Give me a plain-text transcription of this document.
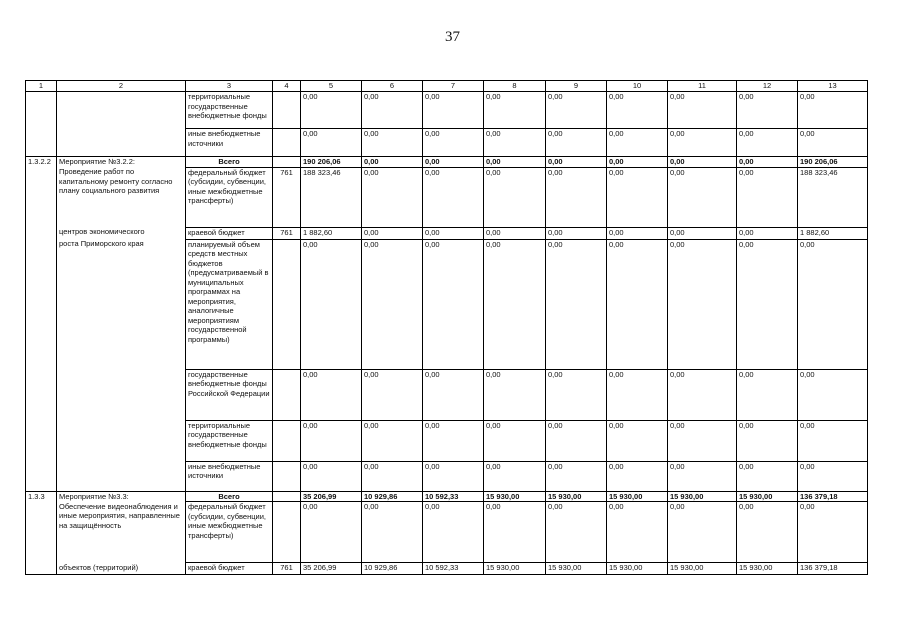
37
1	2	3	4	5	6	7	8	9	10	11	12	13
		территориальные государственные внебюджетные фонды		0,00	0,00	0,00	0,00	0,00	0,00	0,00	0,00	0,00
		иные внебюджетные источники		0,00	0,00	0,00	0,00	0,00	0,00	0,00	0,00	0,00
1.3.2.2	Мероприятие №3.2.2:	Всего		190 206,06	0,00	0,00	0,00	0,00	0,00	0,00	0,00	190 206,06
	Проведение работ по капитальному ремонту согласно плану социального развития	федеральный бюджет (субсидии, субвенции, иные межбюджетные трансферты)	761	188 323,46	0,00	0,00	0,00	0,00	0,00	0,00	0,00	188 323,46
	центров экономического	краевой бюджет	761	1 882,60	0,00	0,00	0,00	0,00	0,00	0,00	0,00	1 882,60
	роста Приморского края	планируемый объем средств местных бюджетов (предусматриваемый в муниципальных программах на мероприятия, аналогичные мероприятиям государственной программы)		0,00	0,00	0,00	0,00	0,00	0,00	0,00	0,00	0,00
		государственные внебюджетные фонды Российской Федерации		0,00	0,00	0,00	0,00	0,00	0,00	0,00	0,00	0,00
		территориальные государственные внебюджетные фонды		0,00	0,00	0,00	0,00	0,00	0,00	0,00	0,00	0,00
		иные внебюджетные источники		0,00	0,00	0,00	0,00	0,00	0,00	0,00	0,00	0,00
1.3.3	Мероприятие №3.3:	Всего		35 206,99	10 929,86	10 592,33	15 930,00	15 930,00	15 930,00	15 930,00	15 930,00	136 379,18
	Обеспечение видеонаблюдения и иные мероприятия, направленные на защищённость	федеральный бюджет (субсидии, субвенции, иные межбюджетные трансферты)		0,00	0,00	0,00	0,00	0,00	0,00	0,00	0,00	0,00
	объектов (территорий)	краевой бюджет	761	35 206,99	10 929,86	10 592,33	15 930,00	15 930,00	15 930,00	15 930,00	15 930,00	136 379,18
